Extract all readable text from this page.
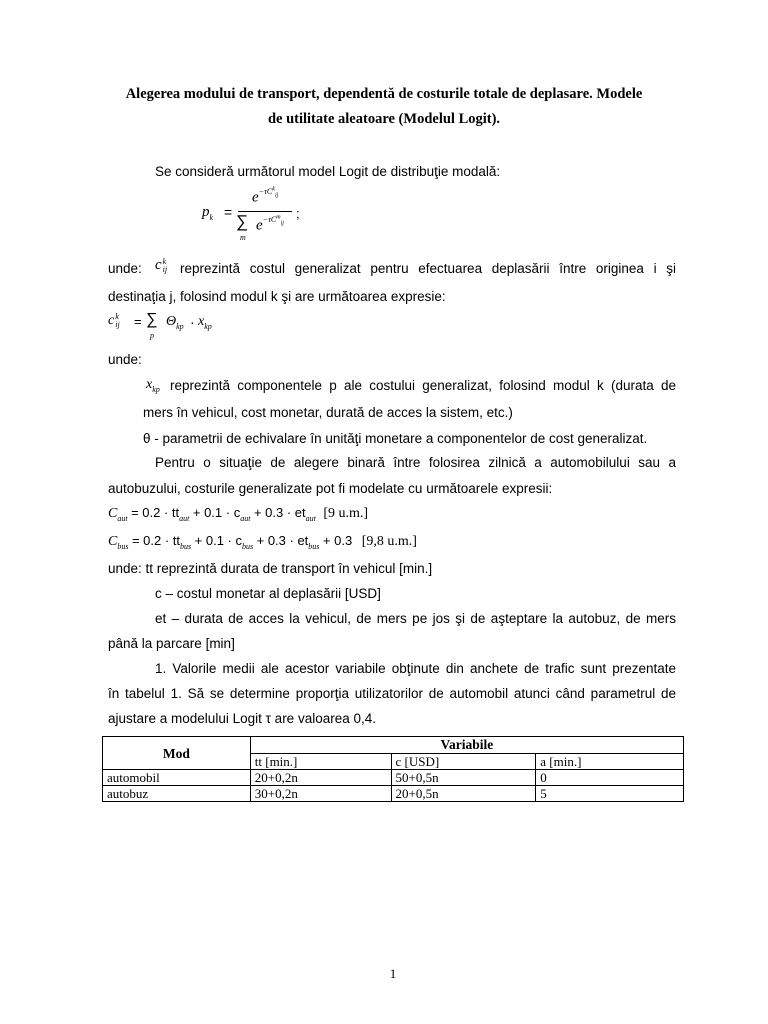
Alegerea modului de transport, dependentă de costurile totale de deplasare. Modele
de utilitate aleatoare (Modelul Logit).
Se consideră următorul model Logit de distribuţie modală:
$p_k$ =
$e^{-\tau C^k_{ij}}$
∑
m
$e^{-\tau C^m_{ij}}$
;
unde: c k
ij reprezintă costul generalizat pentru efectuarea deplasării între originea i şi
destinaţia j, folosind modul k şi are următoarea expresie:
c k
ij = ∑
p
$\Theta_{kp} \cdot x_{kp}$
unde:
$x_{kp}$ reprezintă componentele p ale costului generalizat, folosind modul k (durata de
mers în vehicul, cost monetar, durată de acces la sistem, etc.)
θ - parametrii de echivalare în unităţi monetare a componentelor de cost generalizat.
Pentru o situaţie de alegere binară între folosirea zilnică a automobilului sau a
autobuzului, costurile generalizate pot fi modelate cu următoarele expresii:
$C_{aut} = 0.2 \cdot tt_{aut} + 0.1 \cdot c_{aut} + 0.3 \cdot et_{aut}$ [9 u.m.]
$C_{bus} = 0.2 \cdot tt_{bus} + 0.1 \cdot c_{bus} + 0.3 \cdot et_{bus} + 0.3$ [9,8 u.m.]
unde: tt reprezintă durata de transport în vehicul [min.]
c – costul monetar al deplasării [USD]
et – durata de acces la vehicul, de mers pe jos şi de aşteptare la autobuz, de mers
până la parcare [min]
1. Valorile medii ale acestor variabile obţinute din anchete de trafic sunt prezentate
în tabelul 1. Să se determine proporţia utilizatorilor de automobil atunci când parametrul de
ajustare a modelului Logit τ are valoarea 0,4.
Mod	Variabile		
	tt [min.]	c [USD]	a [min.]
automobil	20+0,2n	50+0,5n	0
autobuz	30+0,2n	20+0,5n	5
1
